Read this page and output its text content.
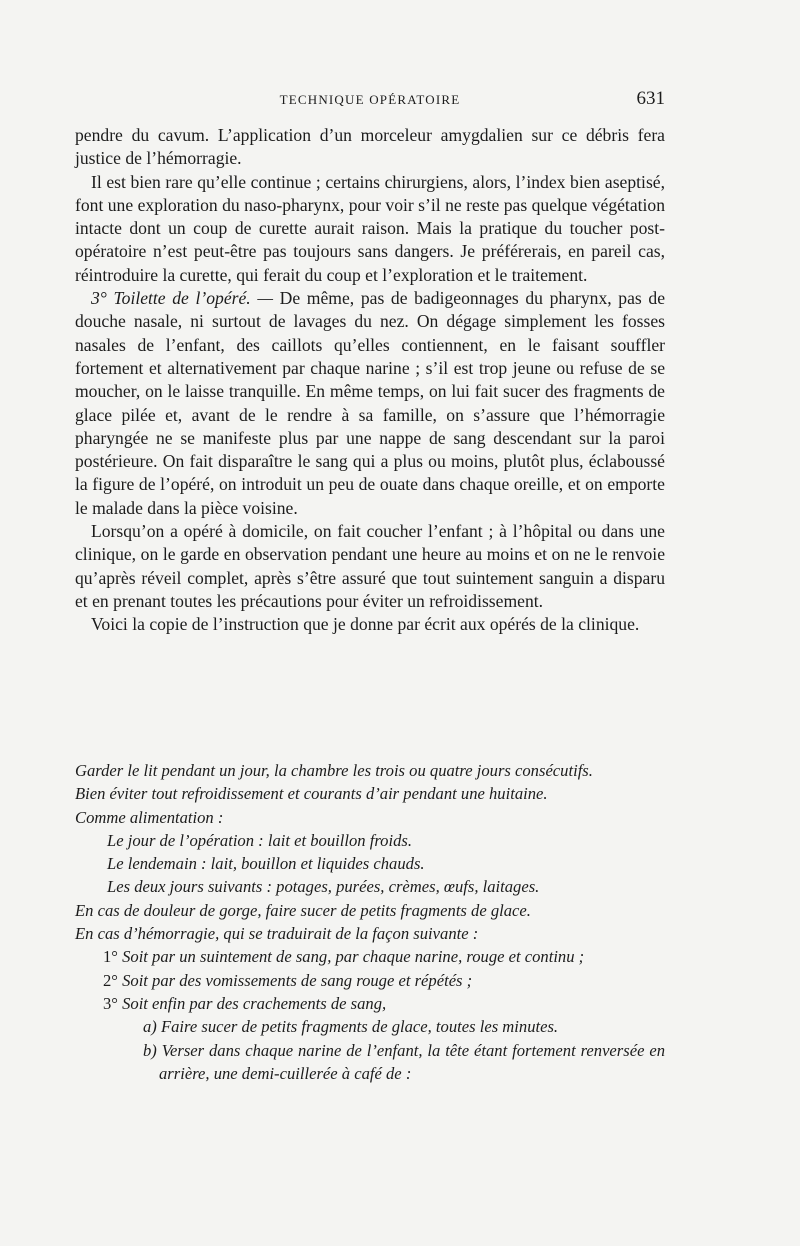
TECHNIQUE OPÉRATOIRE	631

pendre du cavum. L’application d’un morceleur amygdalien sur ce débris fera justice de l’hémorragie.

Il est bien rare qu’elle continue ; certains chirurgiens, alors, l’index bien aseptisé, font une exploration du naso-pharynx, pour voir s’il ne reste pas quelque végétation intacte dont un coup de curette aurait raison. Mais la pratique du toucher post-opératoire n’est peut-être pas toujours sans dangers. Je préférerais, en pareil cas, réintroduire la curette, qui ferait du coup et l’exploration et le traitement.

3° Toilette de l’opéré. — De même, pas de badigeonnages du pharynx, pas de douche nasale, ni surtout de lavages du nez. On dégage simplement les fosses nasales de l’enfant, des caillots qu’elles contiennent, en le faisant souffler fortement et alternativement par chaque narine ; s’il est trop jeune ou refuse de se moucher, on le laisse tranquille. En même temps, on lui fait sucer des fragments de glace pilée et, avant de le rendre à sa famille, on s’assure que l’hémorragie pharyngée ne se manifeste plus par une nappe de sang descendant sur la paroi postérieure. On fait disparaître le sang qui a plus ou moins, plutôt plus, éclaboussé la figure de l’opéré, on introduit un peu de ouate dans chaque oreille, et on emporte le malade dans la pièce voisine.

Lorsqu’on a opéré à domicile, on fait coucher l’enfant ; à l’hôpital ou dans une clinique, on le garde en observation pendant une heure au moins et on ne le renvoie qu’après réveil complet, après s’être assuré que tout suintement sanguin a disparu et en prenant toutes les précautions pour éviter un refroidissement.

Voici la copie de l’instruction que je donne par écrit aux opérés de la clinique.

Garder le lit pendant un jour, la chambre les trois ou quatre jours consécutifs.

Bien éviter tout refroidissement et courants d’air pendant une huitaine.

Comme alimentation :

Le jour de l’opération : lait et bouillon froids.

Le lendemain : lait, bouillon et liquides chauds.

Les deux jours suivants : potages, purées, crèmes, œufs, laitages.

En cas de douleur de gorge, faire sucer de petits fragments de glace.

En cas d’hémorragie, qui se traduirait de la façon suivante :

1° Soit par un suintement de sang, par chaque narine, rouge et continu ;

2° Soit par des vomissements de sang rouge et répétés ;

3° Soit enfin par des crachements de sang,

a) Faire sucer de petits fragments de glace, toutes les minutes.

b) Verser dans chaque narine de l’enfant, la tête étant fortement renversée en arrière, une demi-cuillerée à café de :
